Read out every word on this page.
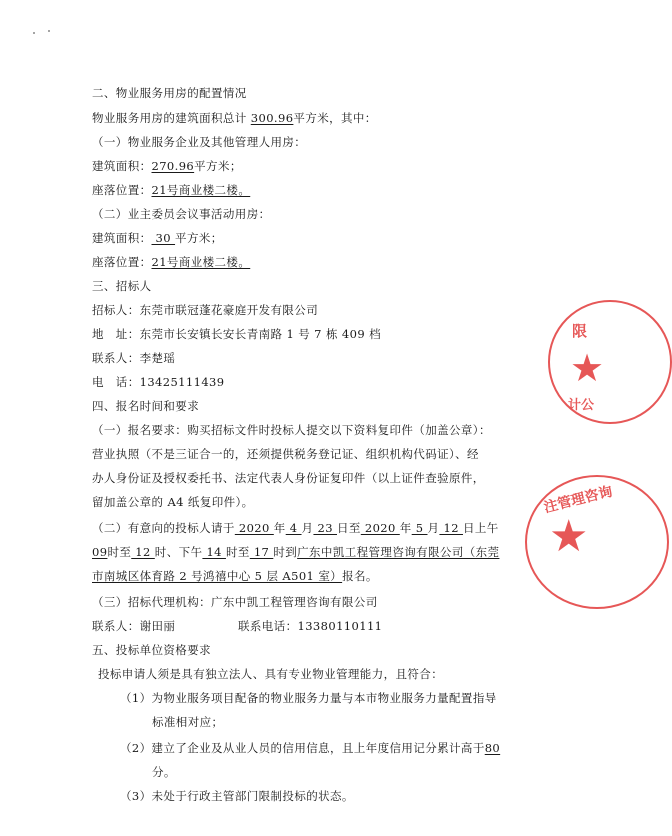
二、物业服务用房的配置情况
物业服务用房的建筑面积总计 300.96平方米，其中：
（一）物业服务企业及其他管理人用房：
建筑面积：270.96平方米；
座落位置：21号商业楼二楼。
（二）业主委员会议事活动用房：
建筑面积： 30 平方米；
座落位置：21号商业楼二楼。
三、招标人
招标人：东莞市联冠蓬花豪庭开发有限公司
地　址：东莞市长安镇长安长青南路 1 号 7 栋 409 档
联系人：李楚瑶
电　话：13425111439
四、报名时间和要求
（一）报名要求：购买招标文件时投标人提交以下资料复印件（加盖公章）：
营业执照（不是三证合一的，还须提供税务登记证、组织机构代码证）、经
办人身份证及授权委托书、法定代表人身份证复印件（以上证件查验原件，
留加盖公章的 A4 纸复印件）。
（二）有意向的投标人请于 2020 年 4 月 23 日至 2020 年 5 月 12 日上午
09时至 12 时、下午 14 时至 17 时到广东中凯工程管理咨询有限公司（东莞
市南城区体育路 2 号鸿禧中心 5 层 A501 室）报名。
（三）招标代理机构：广东中凯工程管理咨询有限公司
联系人：谢田丽	联系电话：13380110111
五、投标单位资格要求
投标申请人须是具有独立法人、具有专业物业管理能力，且符合：
（1）为物业服务项目配备的物业服务力量与本市物业服务力量配置指导
标准相对应；
（2）建立了企业及从业人员的信用信息，且上年度信用记分累计高于80
分。
（3）未处于行政主管部门限制投标的状态。
限
★
计公
注管理咨询
★
